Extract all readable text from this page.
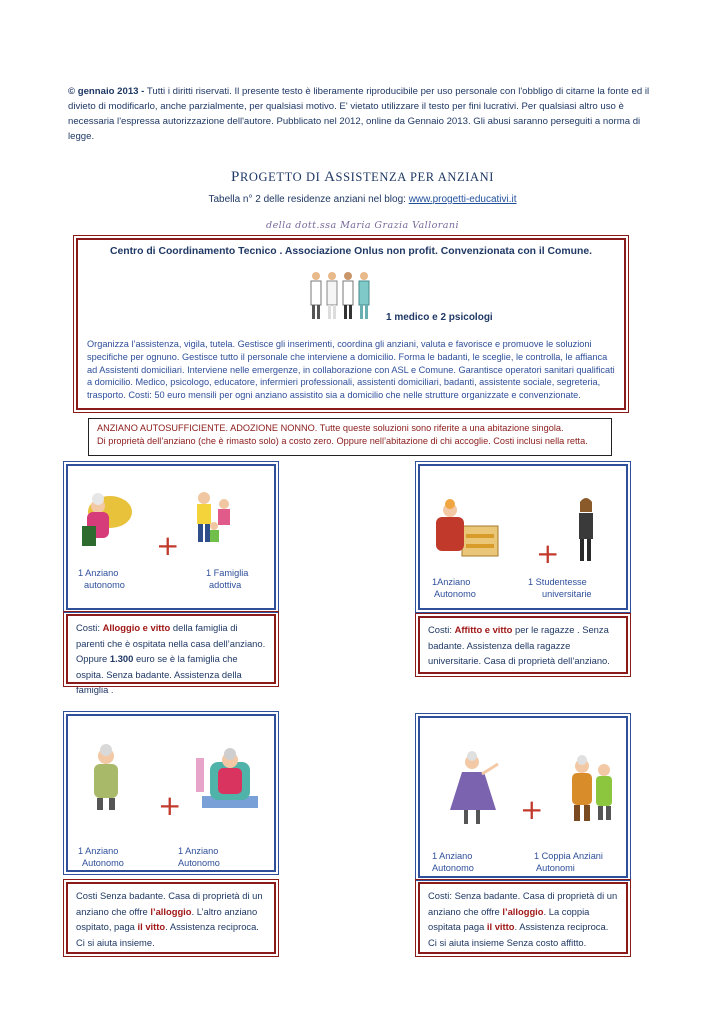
© gennaio 2013 - Tutti i diritti riservati. Il presente testo è liberamente riproducibile per uso personale con l'obbligo di citarne la fonte ed il divieto di modificarlo, anche parzialmente, per qualsiasi motivo. E' vietato utilizzare il testo per fini lucrativi. Per qualsiasi altro uso è necessaria l'espressa autorizzazione dell'autore. Pubblicato nel 2012, online da Gennaio 2013. Gli abusi saranno perseguiti a norma di legge.
PROGETTO DI ASSISTENZA PER ANZIANI
Tabella n° 2 delle residenze anziani nel blog: www.progetti-educativi.it
della dott.ssa Maria Grazia Vallorani
Centro di Coordinamento Tecnico . Associazione Onlus non profit. Convenzionata con il Comune.
1 medico e 2 psicologi
Organizza l’assistenza, vigila, tutela. Gestisce gli inserimenti, coordina gli anziani, valuta e favorisce e promuove le soluzioni specifiche per ognuno. Gestisce tutto il personale che interviene a domicilio. Forma le badanti, le sceglie, le controlla, le affianca ad Assistenti domiciliari. Interviene nelle emergenze, in collaborazione con ASL e Comune. Garantisce operatori sanitari qualificati a domicilio. Medico, psicologo, educatore, infermieri professionali, assistenti domiciliari, badanti, assistente sociale, segreteria, trasporto. Costi: 50 euro mensili per ogni anziano assistito sia a domicilio che nelle strutture organizzate e convenzionate.
ANZIANO AUTOSUFFICIENTE. ADOZIONE NONNO. Tutte queste soluzioni sono riferite a una abitazione singola.
Di proprietà dell’anziano (che è rimasto solo) a costo zero. Oppure nell’abitazione di chi accoglie. Costi inclusi nella retta.
+
1 Anziano
autonomo
1 Famiglia
adottiva
Costi: Alloggio e vitto della famiglia di parenti che è ospitata nella casa dell’anziano. Oppure 1.300 euro se è la famiglia che ospita. Senza badante. Assistenza della famiglia .
+
1Anziano
Autonomo
1 Studentesse
universitarie
Costi: Affitto e vitto per le ragazze . Senza badante. Assistenza della ragazze universitarie. Casa di proprietà dell’anziano.
+
1 Anziano
Autonomo
1 Anziano
Autonomo
Costi Senza badante. Casa di proprietà di un anziano che offre l’alloggio. L’altro anziano ospitato, paga il vitto. Assistenza reciproca. Ci si aiuta insieme.
+
1 Anziano
Autonomo
1 Coppia Anziani
Autonomi
Costi: Senza badante. Casa di proprietà di un anziano che offre l’alloggio. La coppia ospitata paga il vitto. Assistenza reciproca. Ci si aiuta insieme Senza costo affitto.
